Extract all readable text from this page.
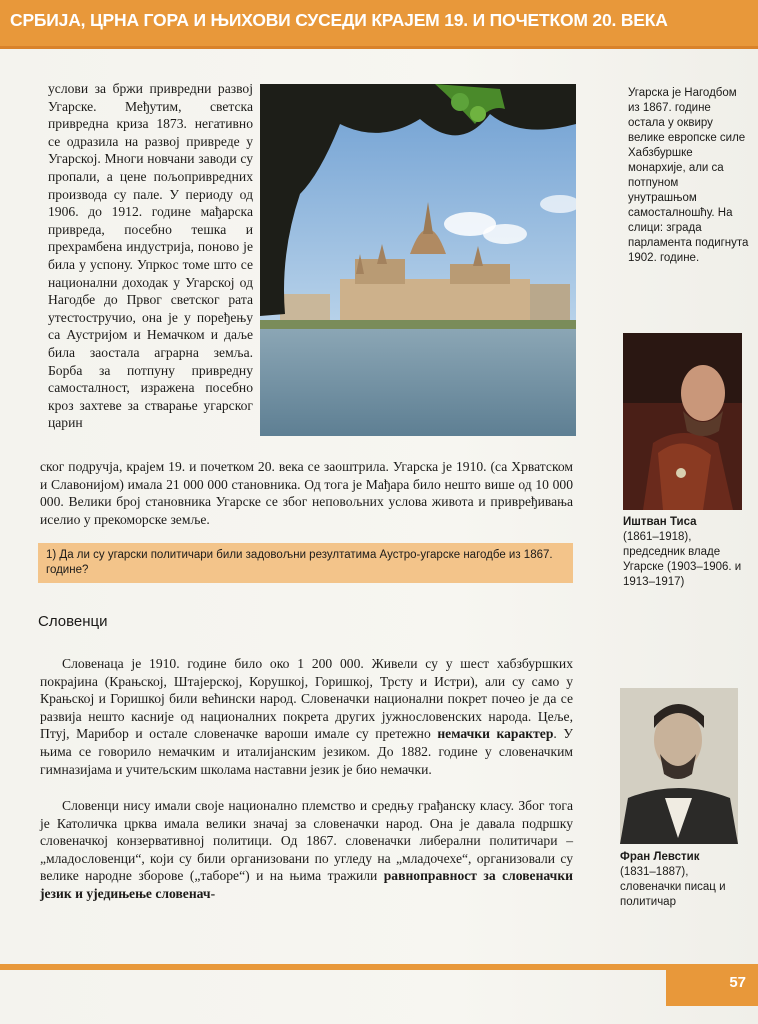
СРБИЈА, ЦРНА ГОРА И ЊИХОВИ СУСЕДИ КРАЈЕМ 19. И ПОЧЕТКОМ 20. ВЕКА
услови за бржи привредни развој Угарске. Међутим, светска привредна криза 1873. негативно се одразила на развој привреде у Угарској. Многи новчани заводи су пропали, а цене пољопривредних производа су пале. У периоду од 1906. до 1912. године мађарска привреда, посебно тешка и прехрамбена индустрија, поново је била у успону. Упркос томе што се национални доходак у Угарској од Нагодбе до Првог светског рата утестостручио, она је у поређењу са Аустријом и Немачком и даље била заостала аграрна земља. Борба за потпуну привредну самосталност, изражена посебно кроз захтеве за стварање угарског царин
ског подручја, крајем 19. и почетком 20. века се заоштрила. Угарска је 1910. (са Хрватском и Славонијом) имала 21 000 000 становника. Од тога је Мађара било нешто више од 10 000 000. Велики број становника Угарске се због неповољних услова живота и привређивања иселио у прекоморске земље.
Угарска је Нагодбом из 1867. године остала у оквиру велике европске силе Хабзбуршке монархије, али са потпуном унутрашњом самосталношћу. На слици: зграда парламента подигнута 1902. године.
Иштван Тиса
(1861–1918), председник владе Угарске (1903–1906. и 1913–1917)
Фран Левстик
(1831–1887), словеначки писац и политичар
1) Да ли су угарски политичари били задовољни резултатима Аустро-угарске нагодбе из 1867. године?
Словенци
Словенаца је 1910. године било око 1 200 000. Живели су у шест хабзбуршких покрајина (Крањској, Штајерској, Корушкој, Горишкој, Трсту и Истри), али су само у Крањској и Горишкој били већински народ. Словеначки национални покрет почео је да се развија нешто касније од националних покрета других јужнословенских народа. Цеље, Птуј, Марибор и остале словеначке вароши имале су претежно немачки карактер. У њима се говорило немачким и италијанским језиком. До 1882. године у словеначким гимназијама и учитељским школама наставни језик је био немачки.
Словенци нису имали своје национално племство и средњу грађанску класу. Због тога је Католичка црква имала велики значај за словеначки народ. Она је давала подршку словеначкој конзервативној политици. Од 1867. словеначки либерални политичари – „младословенци“, који су били организовани по угледу на „младочехе“, организовали су велике народне зборове („таборе“) и на њима тражили равноправност за словеначки језик и уједињење словенач-
57
